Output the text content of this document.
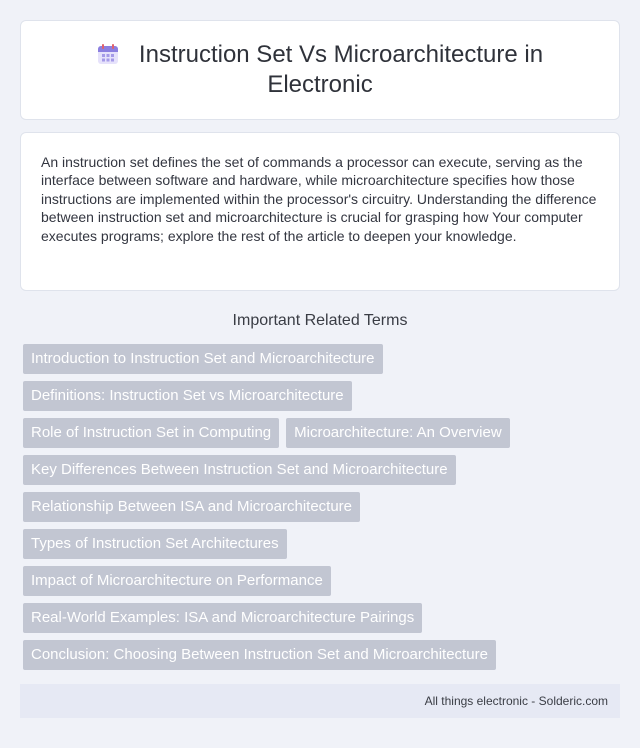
Instruction Set Vs Microarchitecture in Electronic
An instruction set defines the set of commands a processor can execute, serving as the interface between software and hardware, while microarchitecture specifies how those instructions are implemented within the processor's circuitry. Understanding the difference between instruction set and microarchitecture is crucial for grasping how Your computer executes programs; explore the rest of the article to deepen your knowledge.
Important Related Terms
Introduction to Instruction Set and Microarchitecture
Definitions: Instruction Set vs Microarchitecture
Role of Instruction Set in Computing	Microarchitecture: An Overview
Key Differences Between Instruction Set and Microarchitecture
Relationship Between ISA and Microarchitecture
Types of Instruction Set Architectures
Impact of Microarchitecture on Performance
Real-World Examples: ISA and Microarchitecture Pairings
Conclusion: Choosing Between Instruction Set and Microarchitecture
All things electronic - Solderic.com
